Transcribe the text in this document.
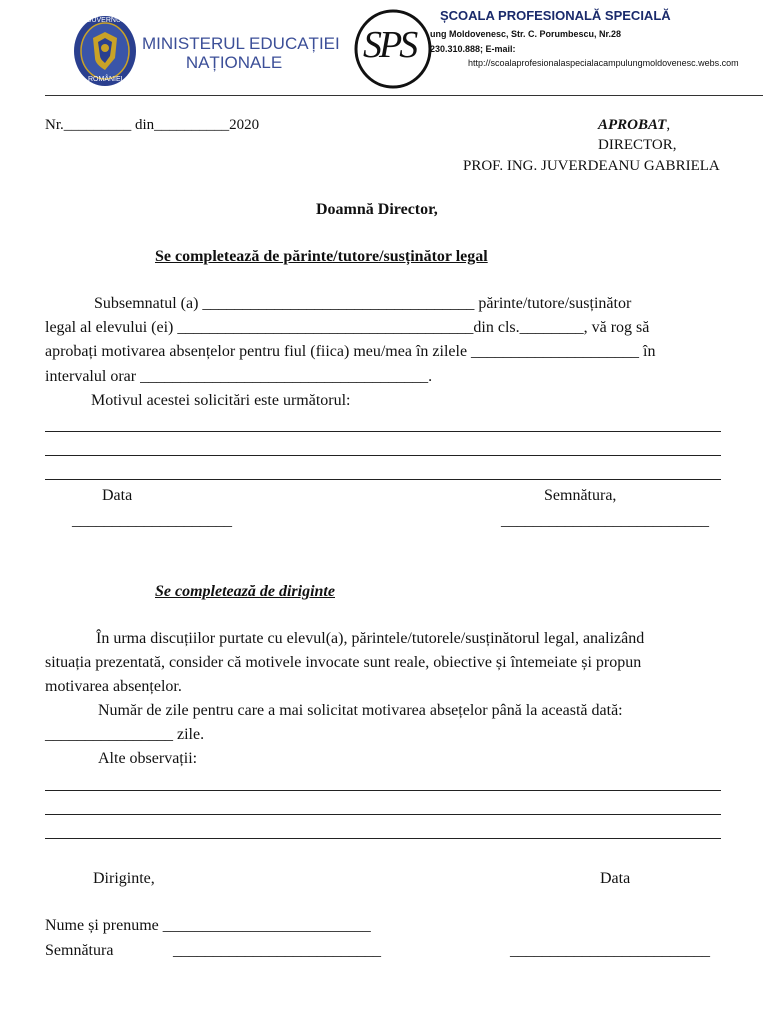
GUVERNUL
ROMÂNIEI
MINISTERUL EDUCAȚIEI
NAȚIONALE	SPS
ȘCOALA PROFESIONALĂ SPECIALĂ
ung Moldovenesc, Str. C. Porumbescu, Nr.28
230.310.888; E-mail:
http://scoalaprofesionalaspecialacampulungmoldovenesc.webs.com
Nr._________ din__________2020	APROBAT,
DIRECTOR,
PROF. ING. JUVERDEANU GABRIELA
Doamnă Director,
Se completează de părinte/tutore/susținător legal
Subsemnatul (a) __________________________________ părinte/tutore/susținător
legal al elevului (ei) _____________________________________din cls.________, vă rog să
aprobați motivarea absențelor pentru fiul (fiica) meu/mea în zilele _____________________ în
intervalul orar ____________________________________.
Motivul acestei solicitări este următorul:
Data	Semnătura,
____________________	__________________________
Se completează de diriginte
În urma discuțiilor purtate cu elevul(a), părintele/tutorele/susținătorul legal, analizând
situația prezentată, consider că motivele invocate sunt reale, obiective și întemeiate și propun
motivarea absențelor.
Număr de zile pentru care a mai solicitat motivarea absețelor până la această dată:
________________ zile.
Alte observații:
Diriginte,	Data
Nume și prenume __________________________
Semnătura	__________________________	_________________________
